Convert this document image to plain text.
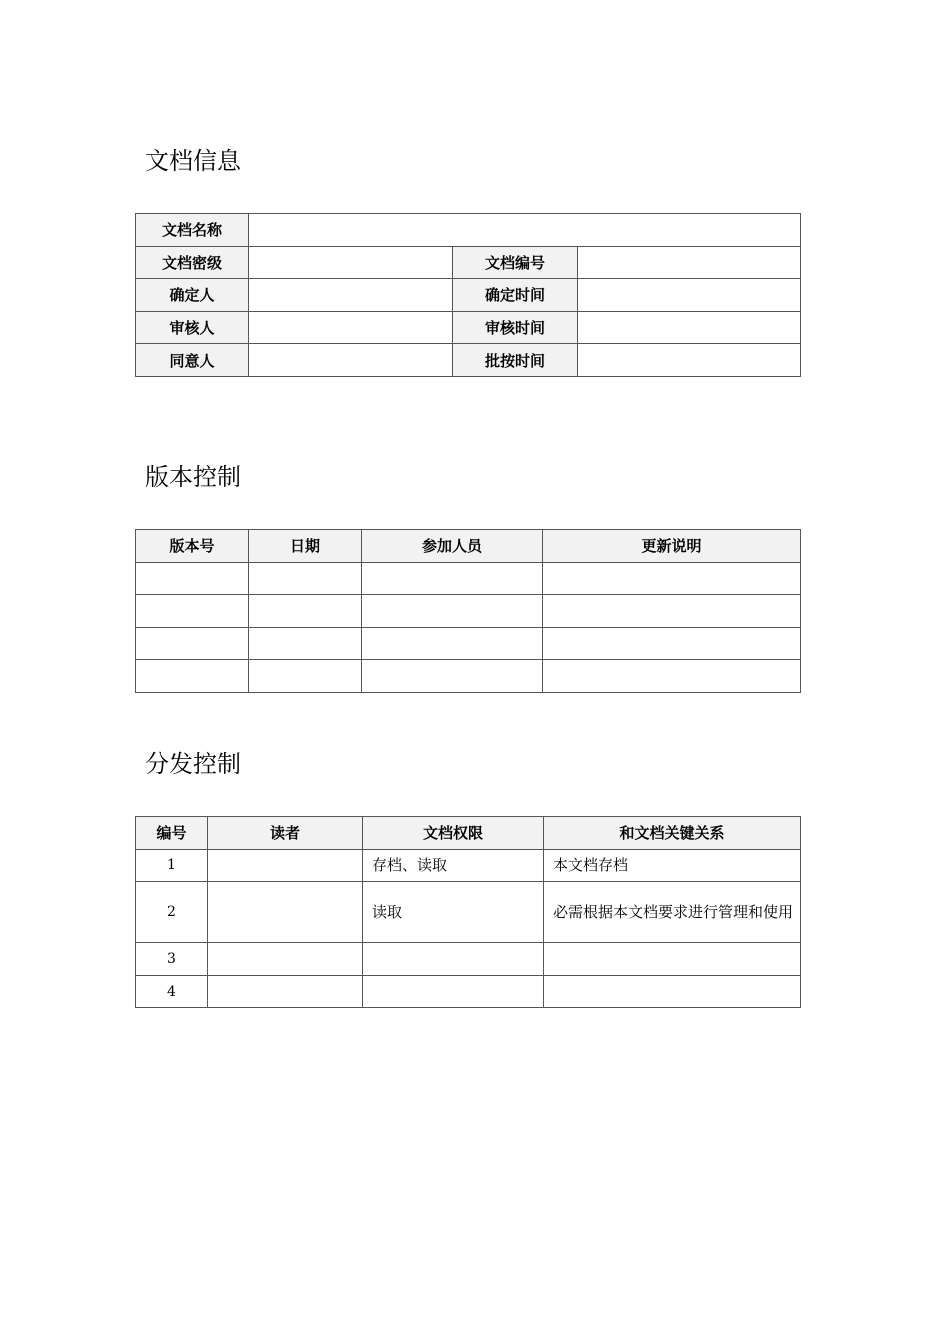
文档信息
文档名称			
文档密级		文档编号	
确定人		确定时间	
审核人		审核时间	
同意人		批按时间	
版本控制
版本号	日期	参加人员	更新说明

分发控制
编号	读者	文档权限	和文档关键关系
1		存档、读取	本文档存档
2		读取	必需根据本文档要求进行管理和使用
3			
4			
